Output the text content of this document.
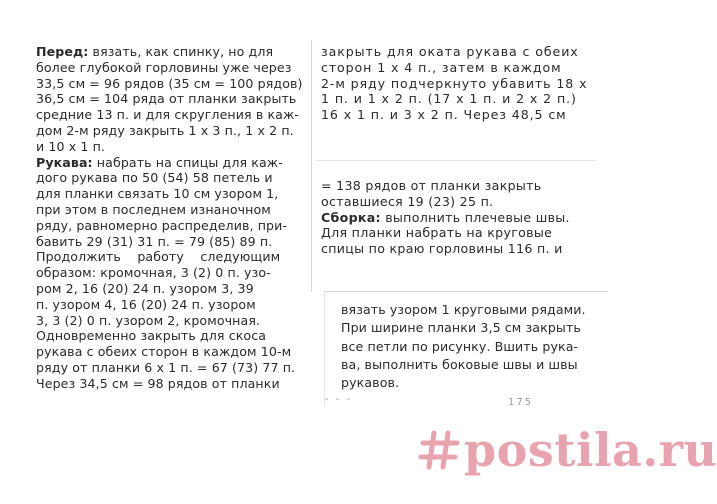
Перед: вязать, как спинку, но для

более глубокой горловины уже через

33,5 см = 96 рядов (35 см = 100 рядов)

36,5 см = 104 ряда от планки закрыть

средние 13 п. и для скругления в каж-

дом 2-м ряду закрыть 1 х 3 п., 1 х 2 п.

и 10 х 1 п.

Рукава: набрать на спицы для каж-

дого рукава по 50 (54) 58 петель и

для планки связать 10 см узором 1,

при этом в последнем изнаночном

ряду, равномерно распределив, при-

бавить 29 (31) 31 п. = 79 (85) 89 п.

Продолжить    работу    следующим

образом: кромочная, 3 (2) 0 п. узо-

ром 2, 16 (20) 24 п. узором 3, 39

п. узором 4, 16 (20) 24 п. узором

3, 3 (2) 0 п. узором 2, кромочная.

Одновременно закрыть для скоса

рукава с обеих сторон в каждом 10-м

ряду от планки 6 х 1 п. = 67 (73) 77 п.

Через 34,5 см = 98 рядов от планки

закрыть для оката рукава с обеих

сторон 1 х 4 п., затем в каждом

2-м ряду подчеркнуто убавить 18 х

1 п. и 1 х 2 п. (17 х 1 п. и 2 х 2 п.)

16 х 1 п. и 3 х 2 п. Через 48,5 см

= 138 рядов от планки закрыть

оставшиеся 19 (23) 25 п.

Сборка: выполнить плечевые швы.

Для планки набрать на круговые

спицы по краю горловины 116 п. и

вязать узором 1 круговыми рядами.

При ширине планки 3,5 см закрыть

все петли по рисунку. Вшить рука-

ва, выполнить боковые швы и швы

рукавов.

- - -	175
postila.ru
